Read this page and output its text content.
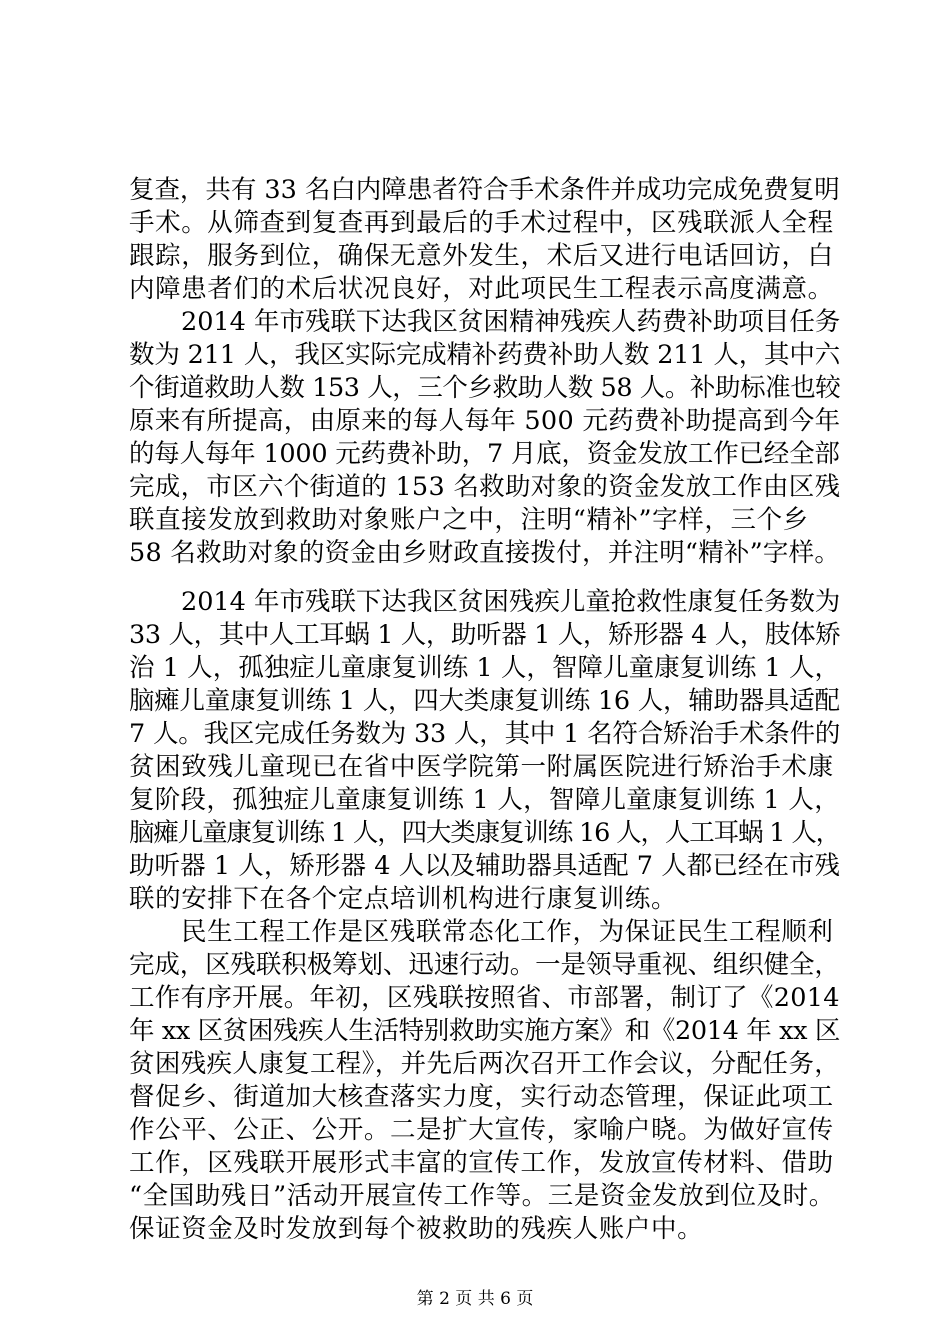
复查，共有 33 名白内障患者符合手术条件并成功完成免费复明

手术。从筛查到复查再到最后的手术过程中，区残联派人全程

跟踪，服务到位，确保无意外发生，术后又进行电话回访，白

内障患者们的术后状况良好，对此项民生工程表示高度满意。

2014 年市残联下达我区贫困精神残疾人药费补助项目任务

数为 211 人，我区实际完成精补药费补助人数 211 人，其中六

个街道救助人数 153 人，三个乡救助人数 58 人。补助标准也较

原来有所提高，由原来的每人每年 500 元药费补助提高到今年

的每人每年 1000 元药费补助，7 月底，资金发放工作已经全部

完成，市区六个街道的 153 名救助对象的资金发放工作由区残

联直接发放到救助对象账户之中，注明“精补”字样，三个乡

58 名救助对象的资金由乡财政直接拨付，并注明“精补”字样。

2014 年市残联下达我区贫困残疾儿童抢救性康复任务数为

33 人，其中人工耳蜗 1 人，助听器 1 人，矫形器 4 人，肢体矫

治 1 人，孤独症儿童康复训练 1 人，智障儿童康复训练 1 人，

脑瘫儿童康复训练 1 人，四大类康复训练 16 人，辅助器具适配

7 人。我区完成任务数为 33 人，其中 1 名符合矫治手术条件的

贫困致残儿童现已在省中医学院第一附属医院进行矫治手术康

复阶段，孤独症儿童康复训练 1 人，智障儿童康复训练 1 人，

脑瘫儿童康复训练 1 人，四大类康复训练 16 人，人工耳蜗 1 人，

助听器 1 人，矫形器 4 人以及辅助器具适配 7 人都已经在市残

联的安排下在各个定点培训机构进行康复训练。

民生工程工作是区残联常态化工作，为保证民生工程顺利

完成，区残联积极筹划、迅速行动。一是领导重视、组织健全，

工作有序开展。年初，区残联按照省、市部署，制订了《2014

年 xx 区贫困残疾人生活特别救助实施方案》和《2014 年 xx 区

贫困残疾人康复工程》，并先后两次召开工作会议，分配任务，

督促乡、街道加大核查落实力度，实行动态管理，保证此项工

作公平、公正、公开。二是扩大宣传，家喻户晓。为做好宣传

工作，区残联开展形式丰富的宣传工作，发放宣传材料、借助

“全国助残日”活动开展宣传工作等。三是资金发放到位及时。

保证资金及时发放到每个被救助的残疾人账户中。

第 2 页 共 6 页
